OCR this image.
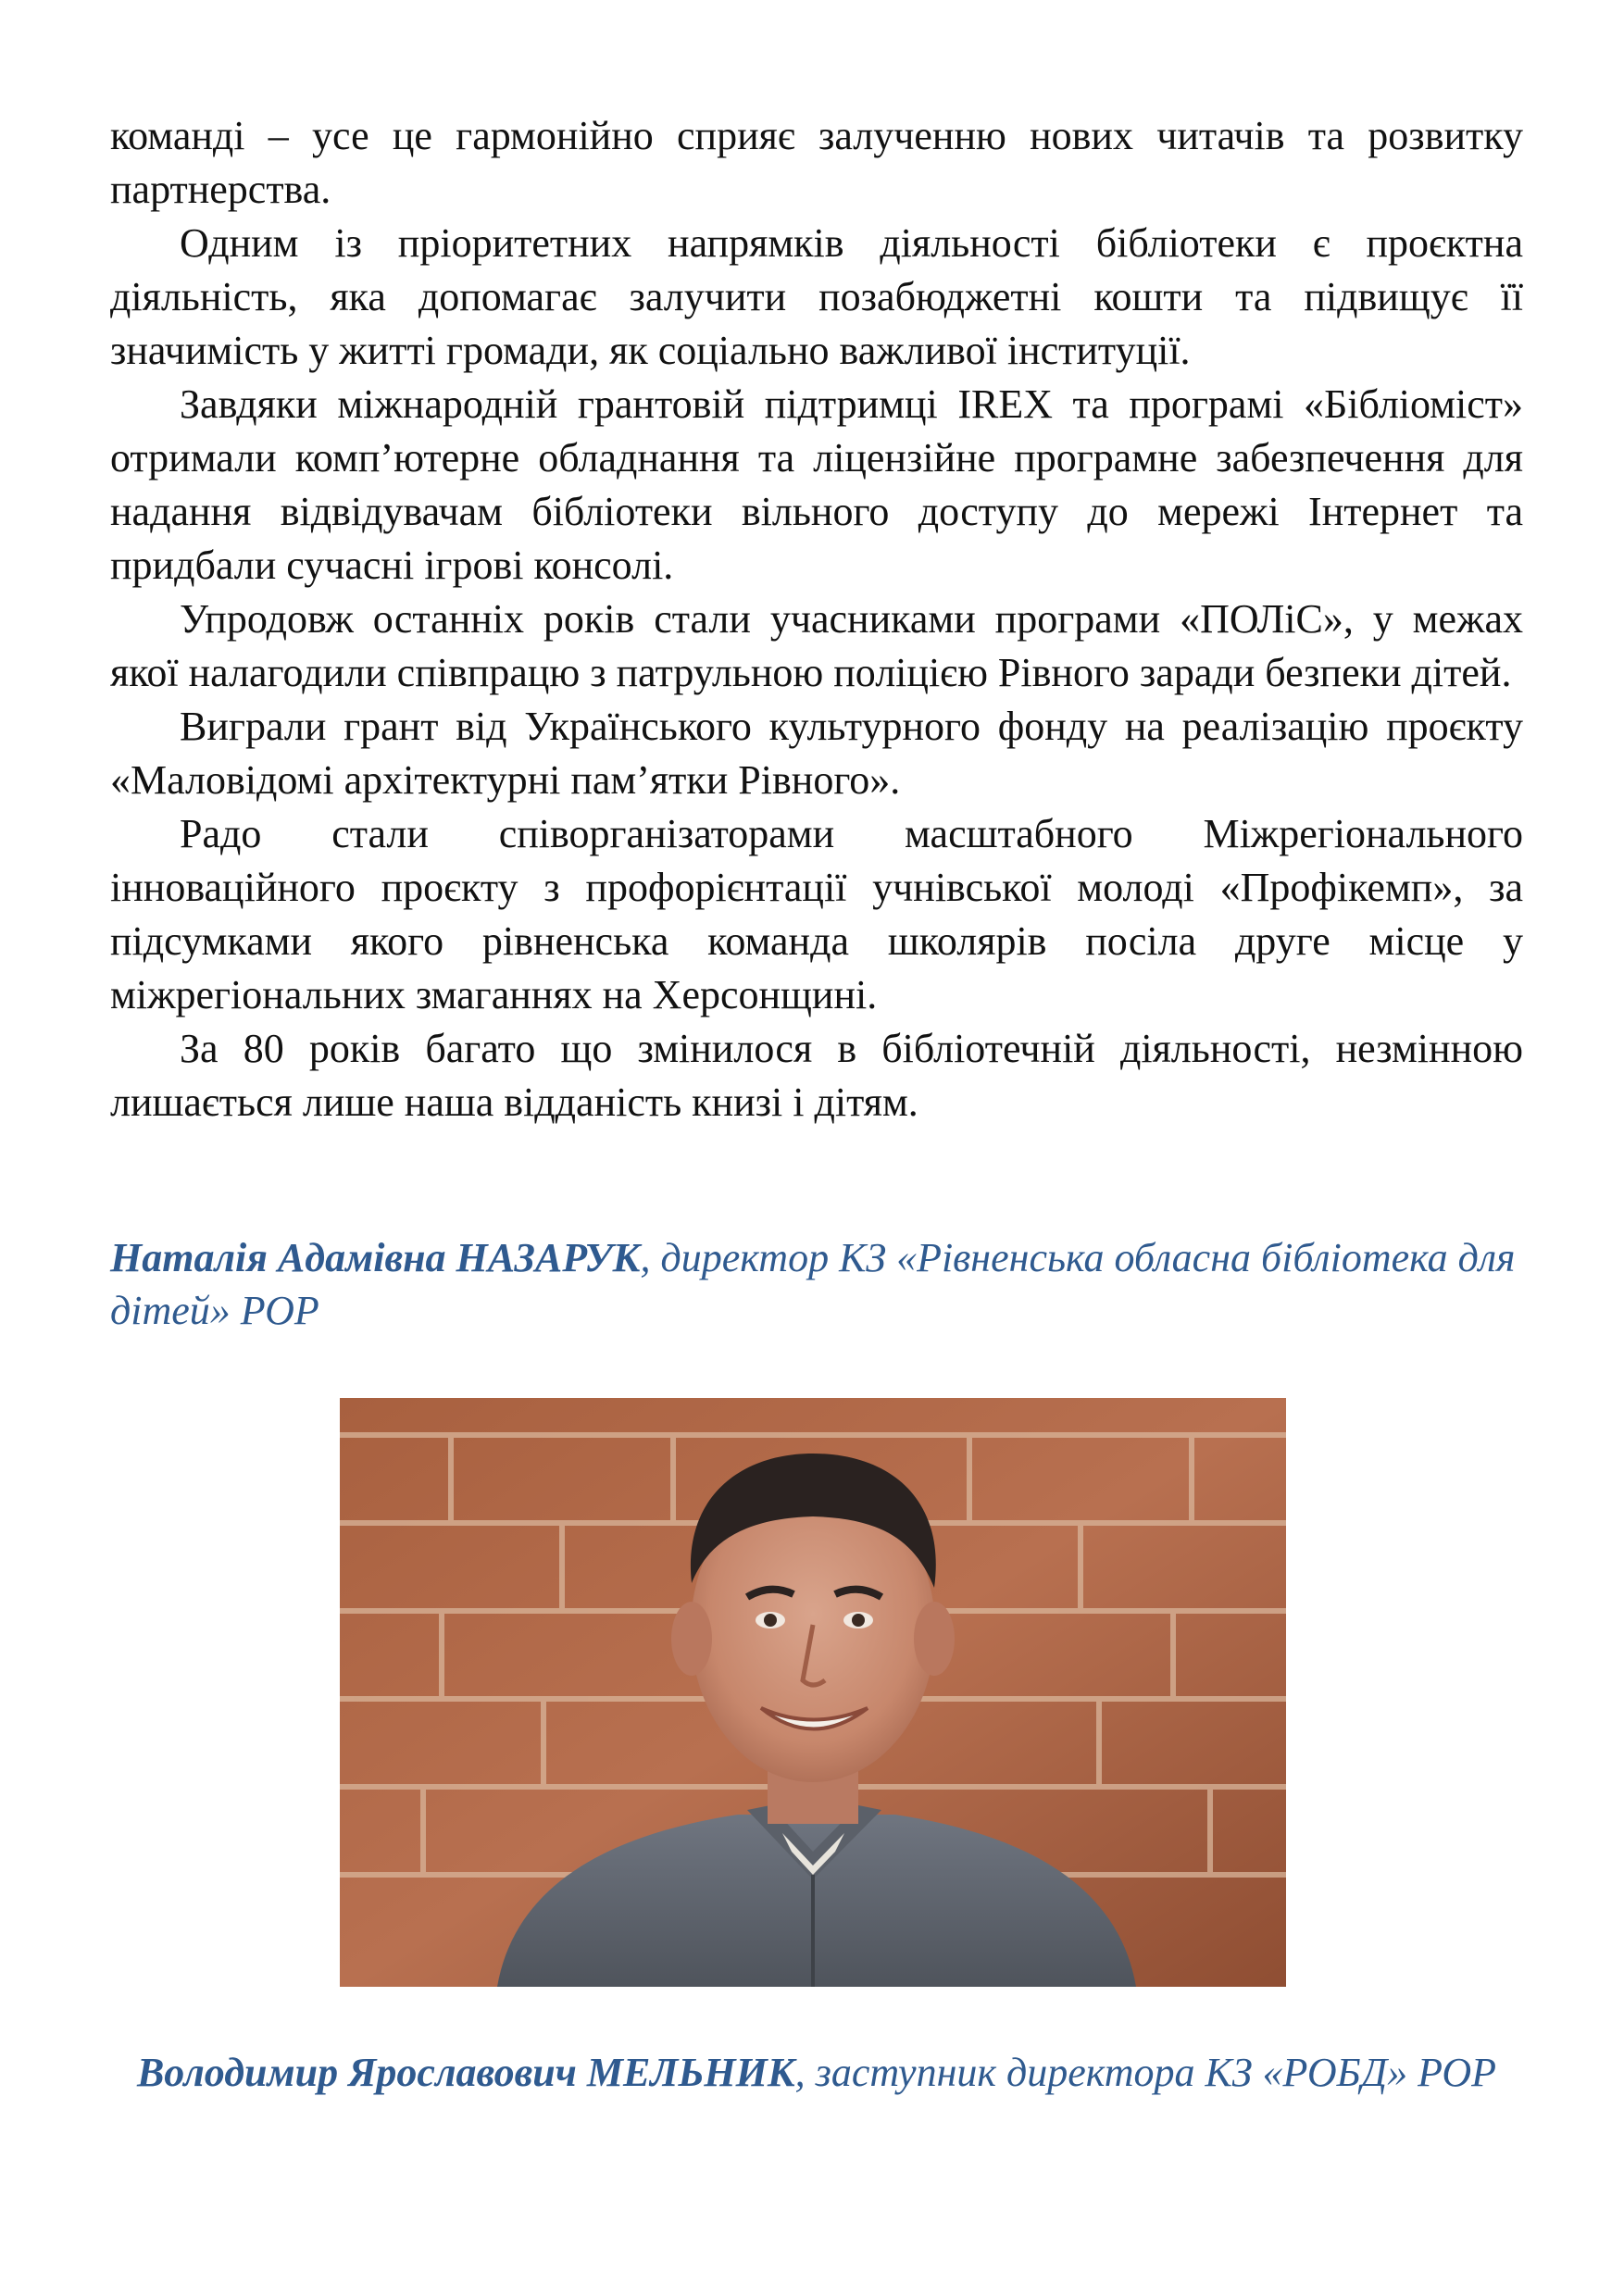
команді – усе це гармонійно сприяє залученню нових читачів та розвитку партнерства.

Одним із пріоритетних напрямків діяльності бібліотеки є проєктна діяльність, яка допомагає залучити позабюджетні кошти та підвищує її значимість у житті громади, як соціально важливої інституції.

Завдяки міжнародній грантовій підтримці IREX та програмі «Бібліоміст» отримали комп’ютерне обладнання та ліцензійне програмне забезпечення для надання відвідувачам бібліотеки вільного доступу до мережі Інтернет та придбали сучасні ігрові консолі.

Упродовж останніх років стали учасниками програми «ПОЛіС», у межах якої налагодили співпрацю з патрульною поліцією Рівного заради безпеки дітей.

Виграли грант від Українського культурного фонду на реалізацію проєкту «Маловідомі архітектурні пам’ятки Рівного».

Радо стали співорганізаторами масштабного Міжрегіонального інноваційного проєкту з профорієнтації учнівської молоді «Профікемп», за підсумками якого рівненська команда школярів посіла друге місце у міжрегіональних змаганнях на Херсонщині.

За 80 років багато що змінилося в бібліотечній діяльності, незмінною лишається лише наша відданість книзі і дітям.

Наталія Адамівна НАЗАРУК, директор КЗ «Рівненська обласна бібліотека для дітей» РОР

Володимир Ярославович МЕЛЬНИК, заступник директора КЗ «РОБД» РОР
